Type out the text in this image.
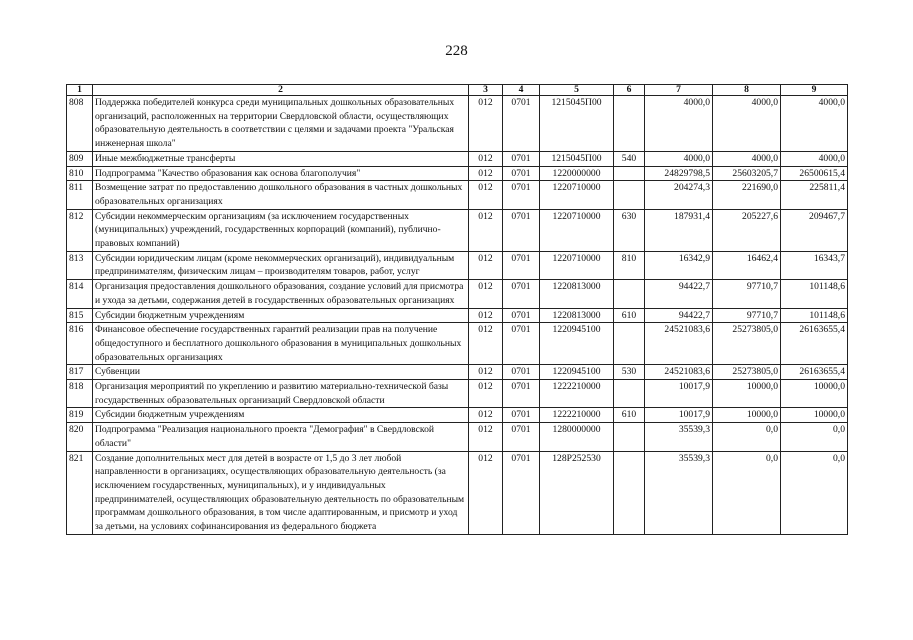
228
1	2	3	4	5	6	7	8	9
808	Поддержка победителей конкурса среди муниципальных дошкольных образовательных организаций, расположенных на территории Свердловской области, осуществляющих образовательную деятельность в соответствии с целями и задачами проекта "Уральская инженерная школа"	012	0701	1215045П00		4000,0	4000,0	4000,0
809	Иные межбюджетные трансферты	012	0701	1215045П00	540	4000,0	4000,0	4000,0
810	Подпрограмма "Качество образования как основа благополучия"	012	0701	1220000000		24829798,5	25603205,7	26500615,4
811	Возмещение затрат по предоставлению дошкольного образования в частных дошкольных образовательных организациях	012	0701	1220710000		204274,3	221690,0	225811,4
812	Субсидии некоммерческим организациям (за исключением государственных (муниципальных) учреждений, государственных корпораций (компаний), публично-правовых компаний)	012	0701	1220710000	630	187931,4	205227,6	209467,7
813	Субсидии юридическим лицам (кроме некоммерческих организаций), индивидуальным предпринимателям, физическим лицам – производителям товаров, работ, услуг	012	0701	1220710000	810	16342,9	16462,4	16343,7
814	Организация предоставления дошкольного образования, создание условий для присмотра и ухода за детьми, содержания детей в государственных образовательных организациях	012	0701	1220813000		94422,7	97710,7	101148,6
815	Субсидии бюджетным учреждениям	012	0701	1220813000	610	94422,7	97710,7	101148,6
816	Финансовое обеспечение государственных гарантий реализации прав на получение общедоступного и бесплатного дошкольного образования в муниципальных дошкольных образовательных организациях	012	0701	1220945100		24521083,6	25273805,0	26163655,4
817	Субвенции	012	0701	1220945100	530	24521083,6	25273805,0	26163655,4
818	Организация мероприятий по укреплению и развитию материально-технической базы государственных образовательных организаций Свердловской области	012	0701	1222210000		10017,9	10000,0	10000,0
819	Субсидии бюджетным учреждениям	012	0701	1222210000	610	10017,9	10000,0	10000,0
820	Подпрограмма "Реализация национального проекта "Демография" в Свердловской области"	012	0701	1280000000		35539,3	0,0	0,0
821	Создание дополнительных мест для детей в возрасте от 1,5 до 3 лет любой направленности в организациях, осуществляющих образовательную деятельность (за исключением государственных, муниципальных), и у индивидуальных предпринимателей, осуществляющих образовательную деятельность по образовательным программам дошкольного образования, в том числе адаптированным, и присмотр и уход за детьми, на условиях софинансирования из федерального бюджета	012	0701	128P252530		35539,3	0,0	0,0
